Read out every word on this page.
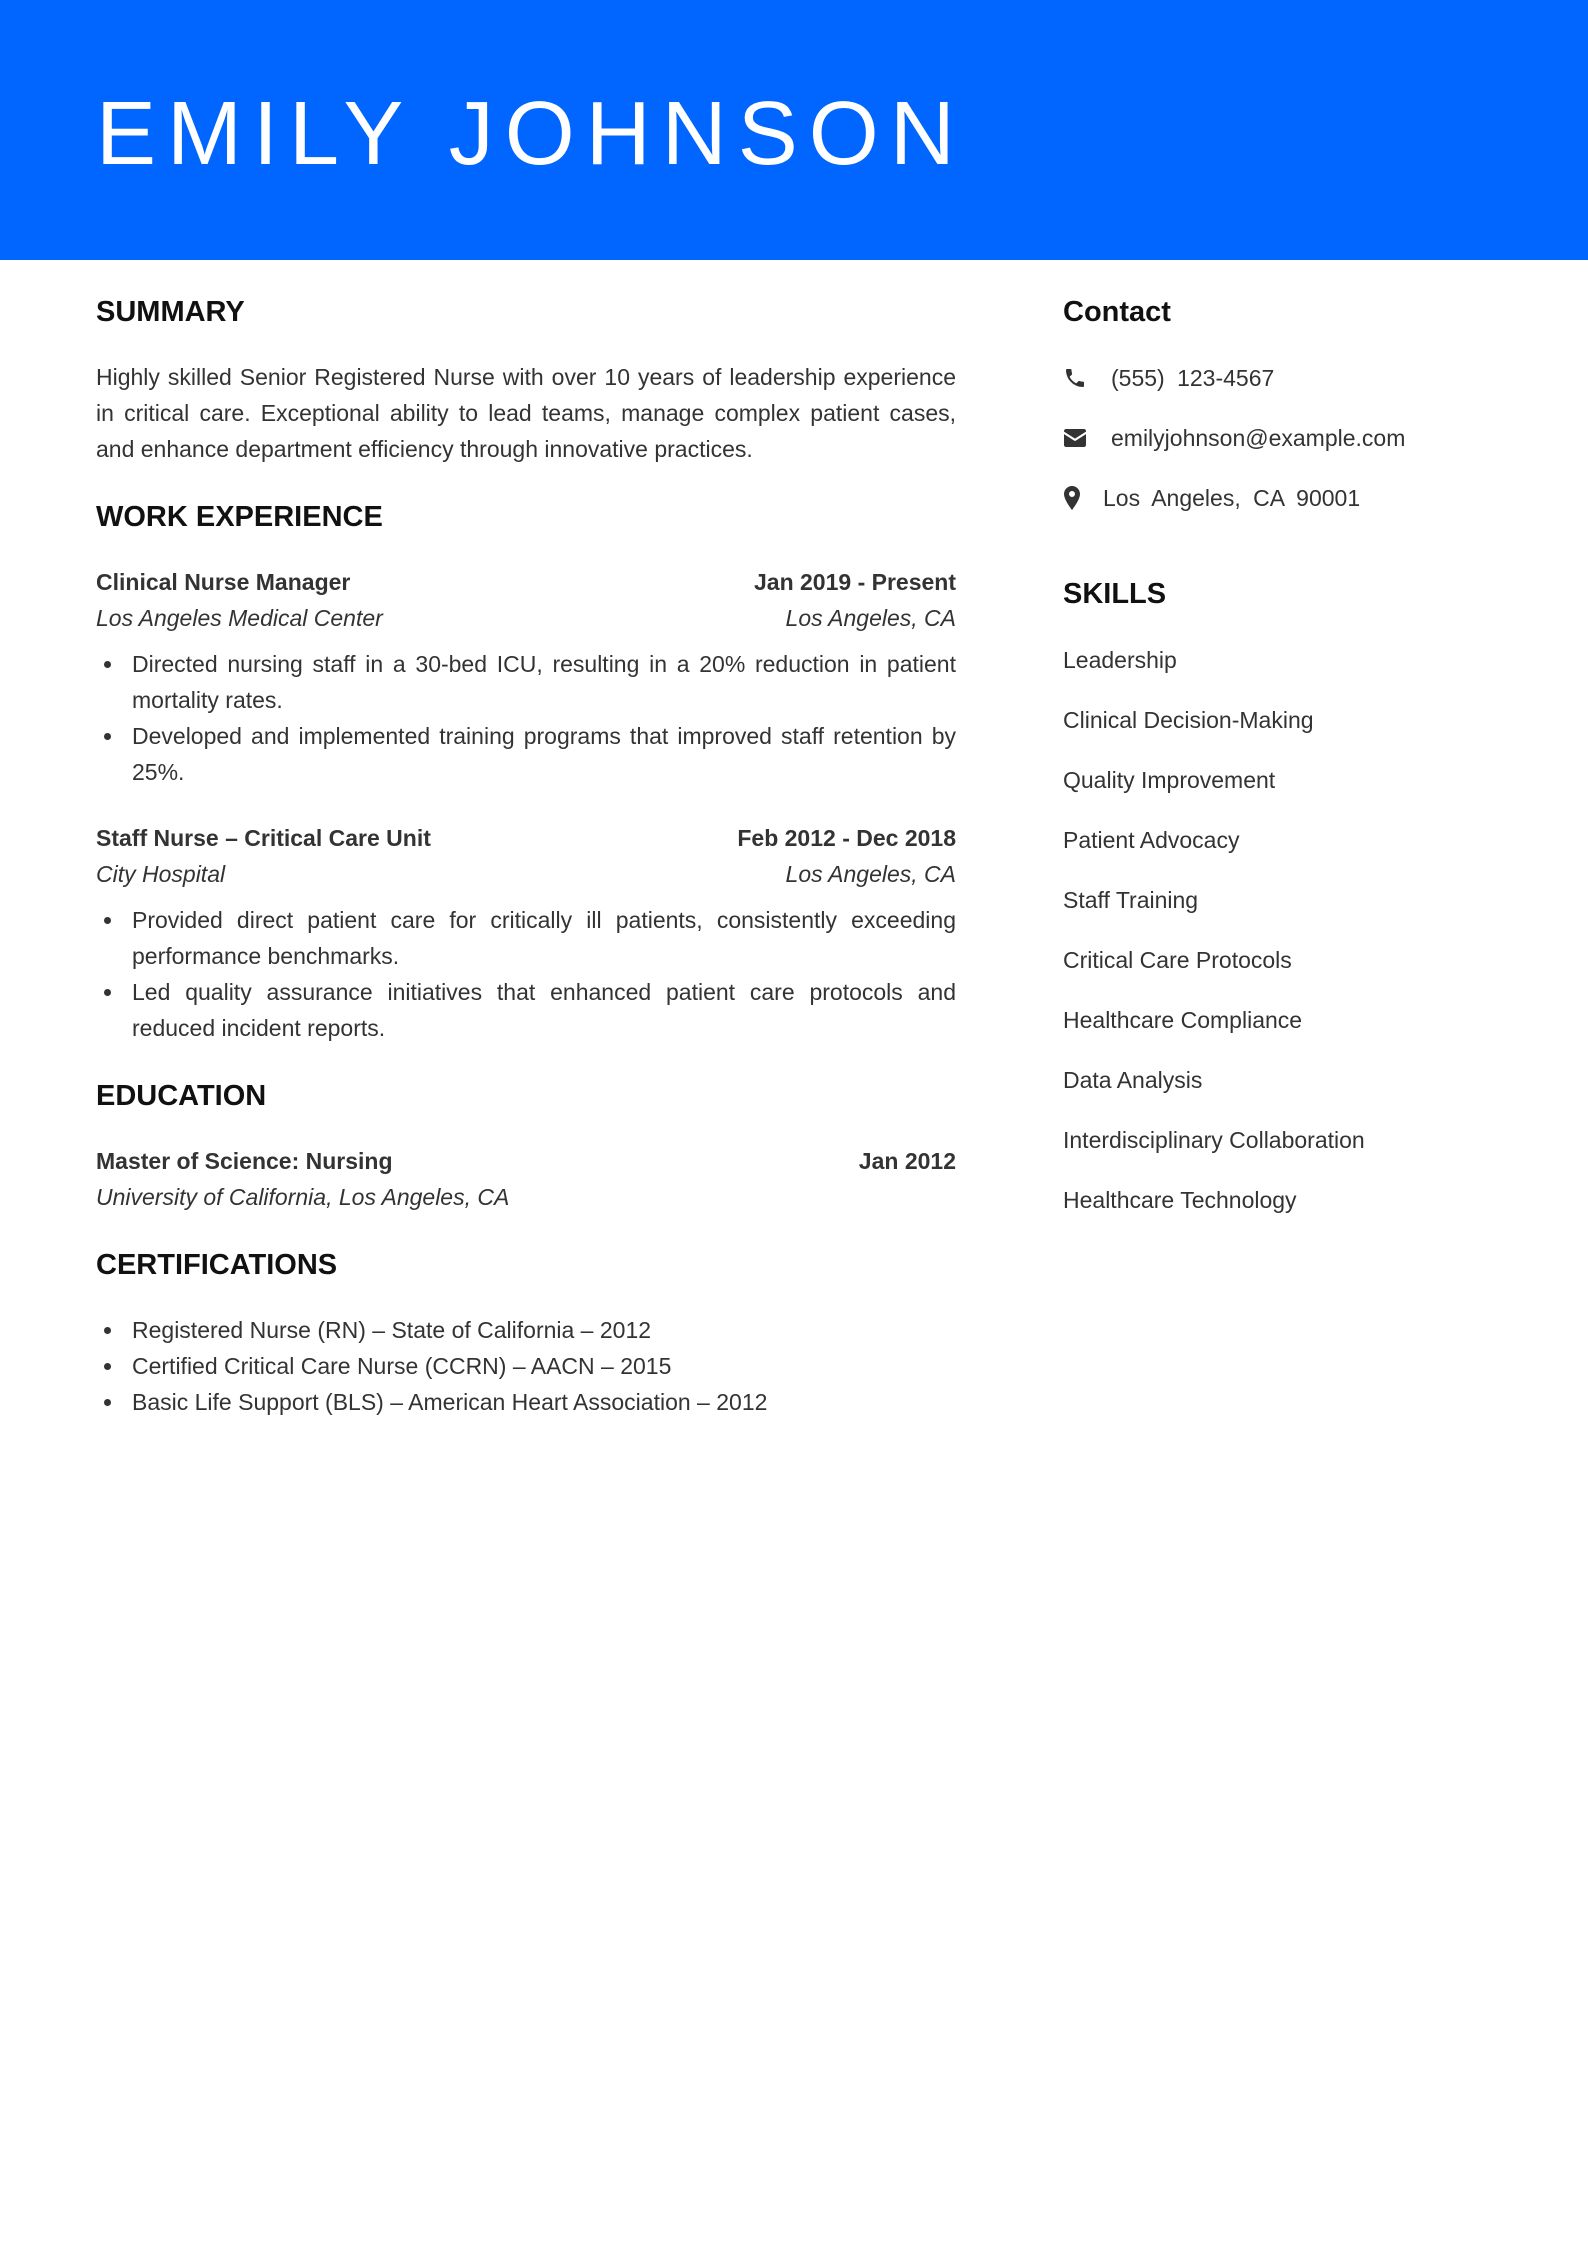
EMILY JOHNSON
SUMMARY

Highly skilled Senior Registered Nurse with over 10 years of leadership experience in critical care. Exceptional ability to lead teams, manage complex patient cases, and enhance department efficiency through innovative practices.

WORK EXPERIENCE
Clinical Nurse Manager	Jan 2019 - Present
Los Angeles Medical Center	Los Angeles, CA
Directed nursing staff in a 30-bed ICU, resulting in a 20% reduction in patient mortality rates.
Developed and implemented training programs that improved staff retention by 25%.
Staff Nurse – Critical Care Unit	Feb 2012 - Dec 2018
City Hospital	Los Angeles, CA
Provided direct patient care for critically ill patients, consistently exceeding performance benchmarks.
Led quality assurance initiatives that enhanced patient care protocols and reduced incident reports.
EDUCATION
Master of Science: Nursing	Jan 2012
University of California, Los Angeles, CA
CERTIFICATIONS
Registered Nurse (RN) – State of California – 2012
Certified Critical Care Nurse (CCRN) – AACN – 2015
Basic Life Support (BLS) – American Heart Association – 2012
Contact
(555) 123-4567
emilyjohnson@example.com
Los Angeles, CA 90001
SKILLS
Leadership
Clinical Decision-Making
Quality Improvement
Patient Advocacy
Staff Training
Critical Care Protocols
Healthcare Compliance
Data Analysis
Interdisciplinary Collaboration
Healthcare Technology
